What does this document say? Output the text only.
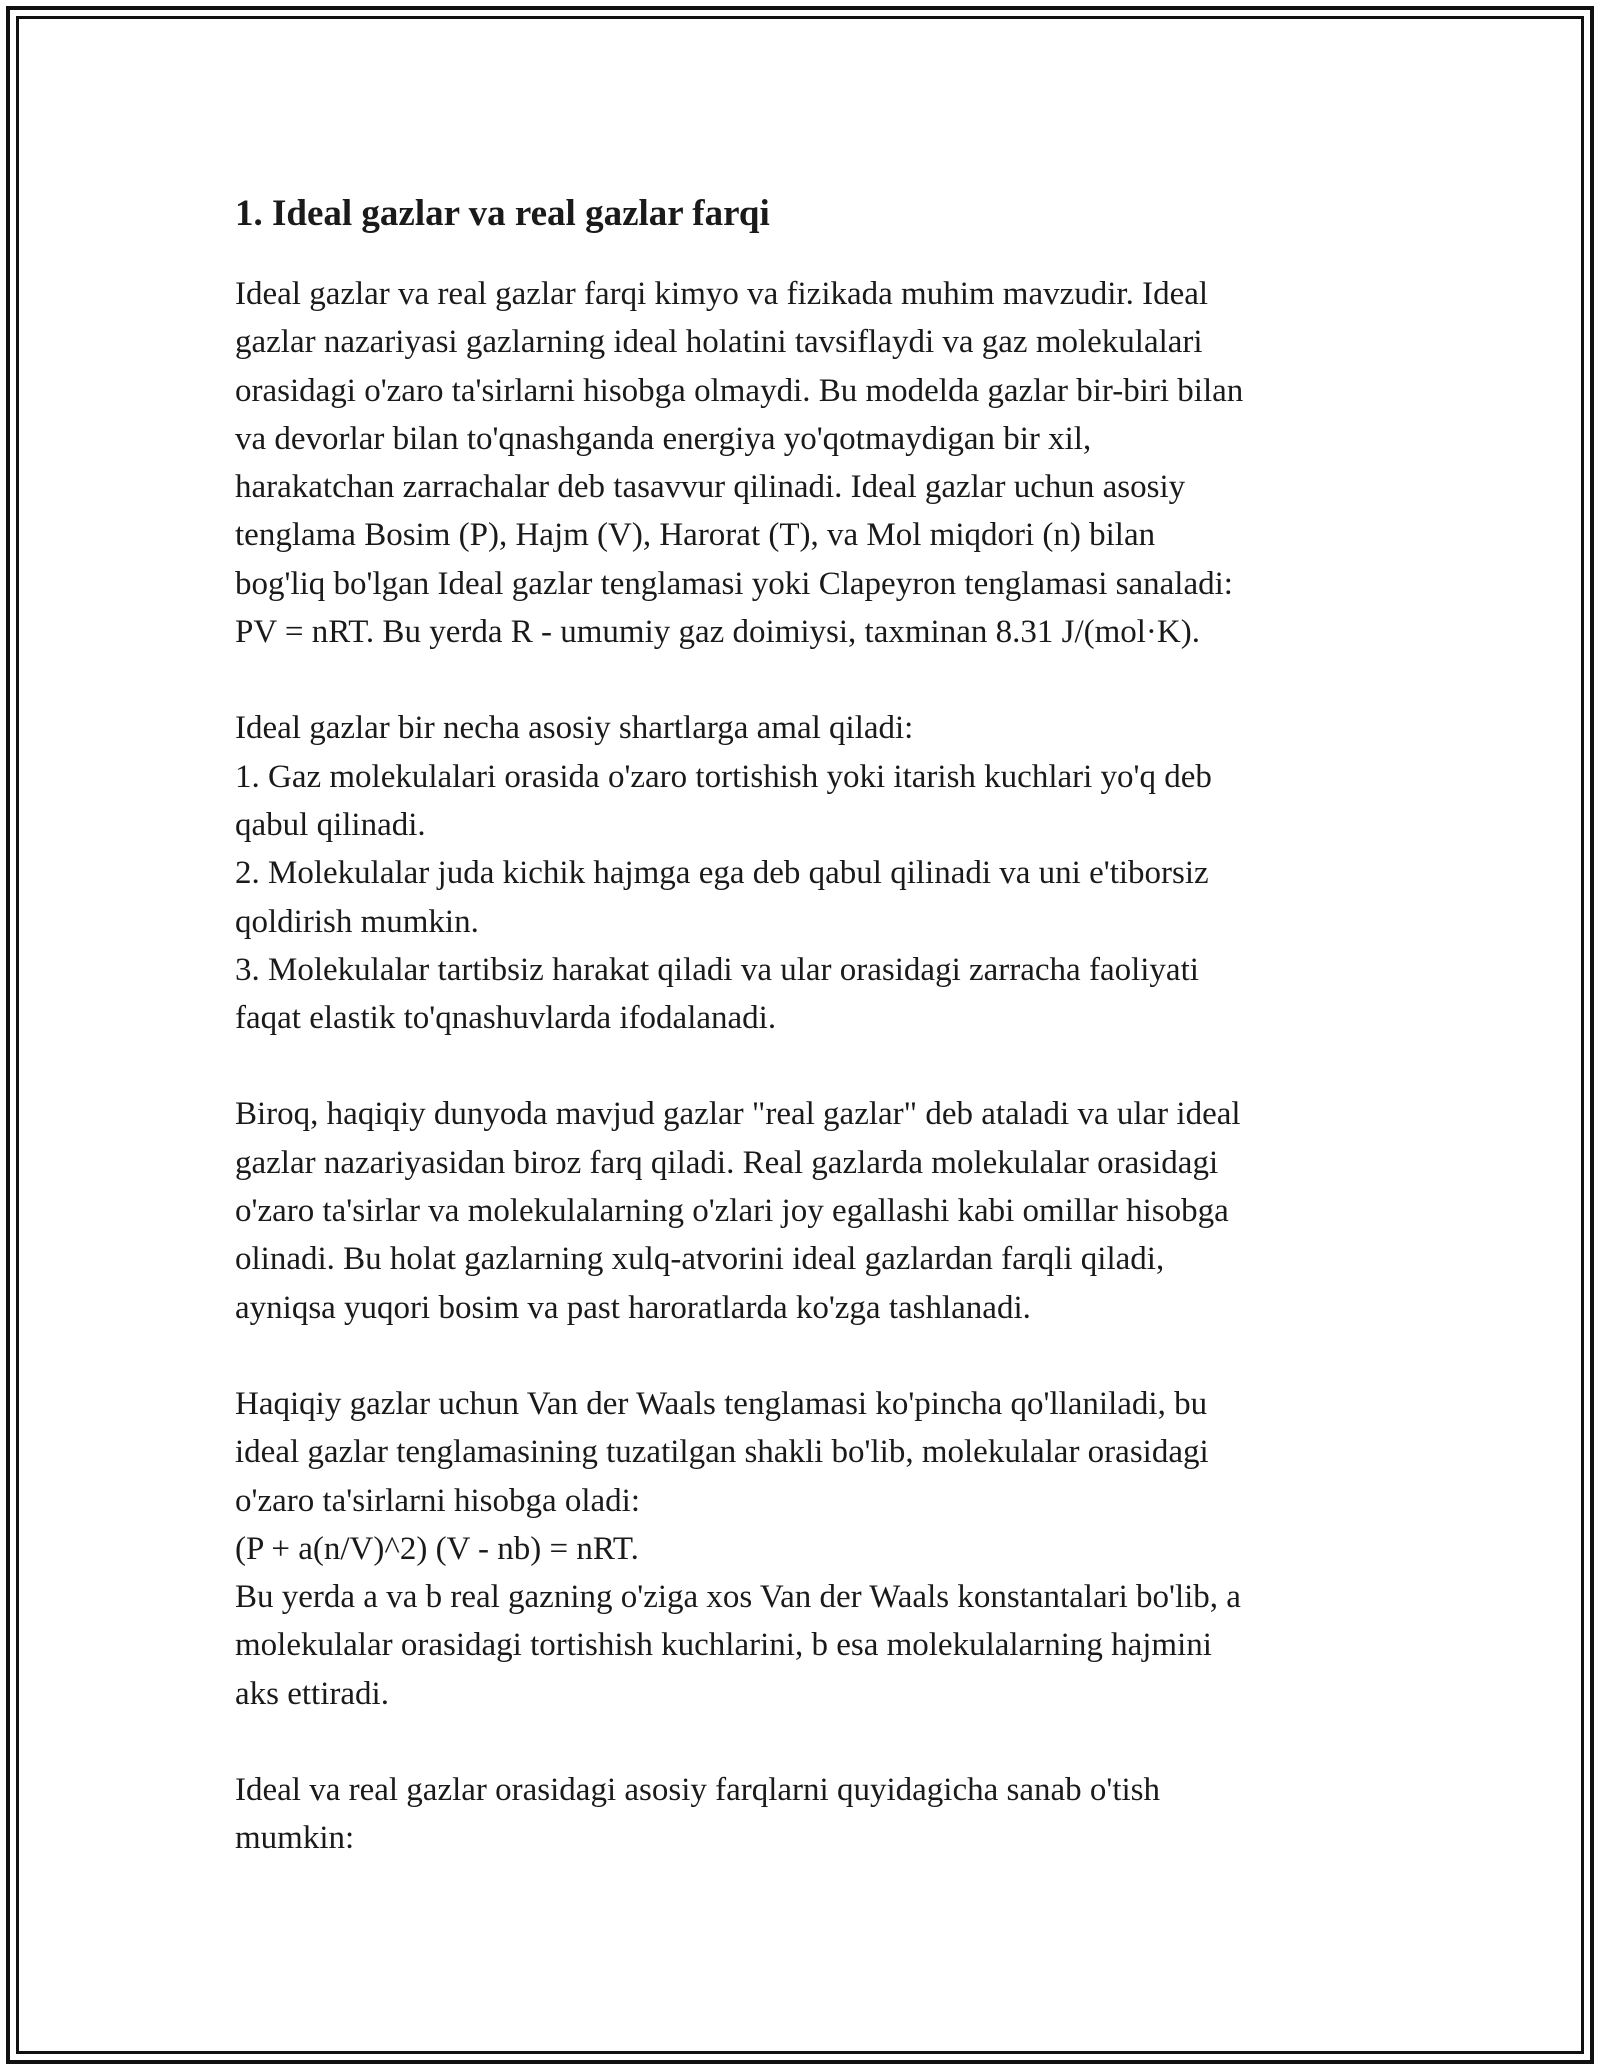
1. Ideal gazlar va real gazlar farqi

Ideal gazlar va real gazlar farqi kimyo va fizikada muhim mavzudir. Ideal
gazlar nazariyasi gazlarning ideal holatini tavsiflaydi va gaz molekulalari
orasidagi o'zaro ta'sirlarni hisobga olmaydi. Bu modelda gazlar bir-biri bilan
va devorlar bilan to'qnashganda energiya yo'qotmaydigan bir xil,
harakatchan zarrachalar deb tasavvur qilinadi. Ideal gazlar uchun asosiy
tenglama Bosim (P), Hajm (V), Harorat (T), va Mol miqdori (n) bilan
bog'liq bo'lgan Ideal gazlar tenglamasi yoki Clapeyron tenglamasi sanaladi:
PV = nRT. Bu yerda R - umumiy gaz doimiysi, taxminan 8.31 J/(mol·K).

Ideal gazlar bir necha asosiy shartlarga amal qiladi:
1. Gaz molekulalari orasida o'zaro tortishish yoki itarish kuchlari yo'q deb
qabul qilinadi.
2. Molekulalar juda kichik hajmga ega deb qabul qilinadi va uni e'tiborsiz
qoldirish mumkin.
3. Molekulalar tartibsiz harakat qiladi va ular orasidagi zarracha faoliyati
faqat elastik to'qnashuvlarda ifodalanadi.

Biroq, haqiqiy dunyoda mavjud gazlar "real gazlar" deb ataladi va ular ideal
gazlar nazariyasidan biroz farq qiladi. Real gazlarda molekulalar orasidagi
o'zaro ta'sirlar va molekulalarning o'zlari joy egallashi kabi omillar hisobga
olinadi. Bu holat gazlarning xulq-atvorini ideal gazlardan farqli qiladi,
ayniqsa yuqori bosim va past haroratlarda ko'zga tashlanadi.

Haqiqiy gazlar uchun Van der Waals tenglamasi ko'pincha qo'llaniladi, bu
ideal gazlar tenglamasining tuzatilgan shakli bo'lib, molekulalar orasidagi
o'zaro ta'sirlarni hisobga oladi:
(P + a(n/V)^2) (V - nb) = nRT.
Bu yerda a va b real gazning o'ziga xos Van der Waals konstantalari bo'lib, a
molekulalar orasidagi tortishish kuchlarini, b esa molekulalarning hajmini
aks ettiradi.

Ideal va real gazlar orasidagi asosiy farqlarni quyidagicha sanab o'tish
mumkin:
